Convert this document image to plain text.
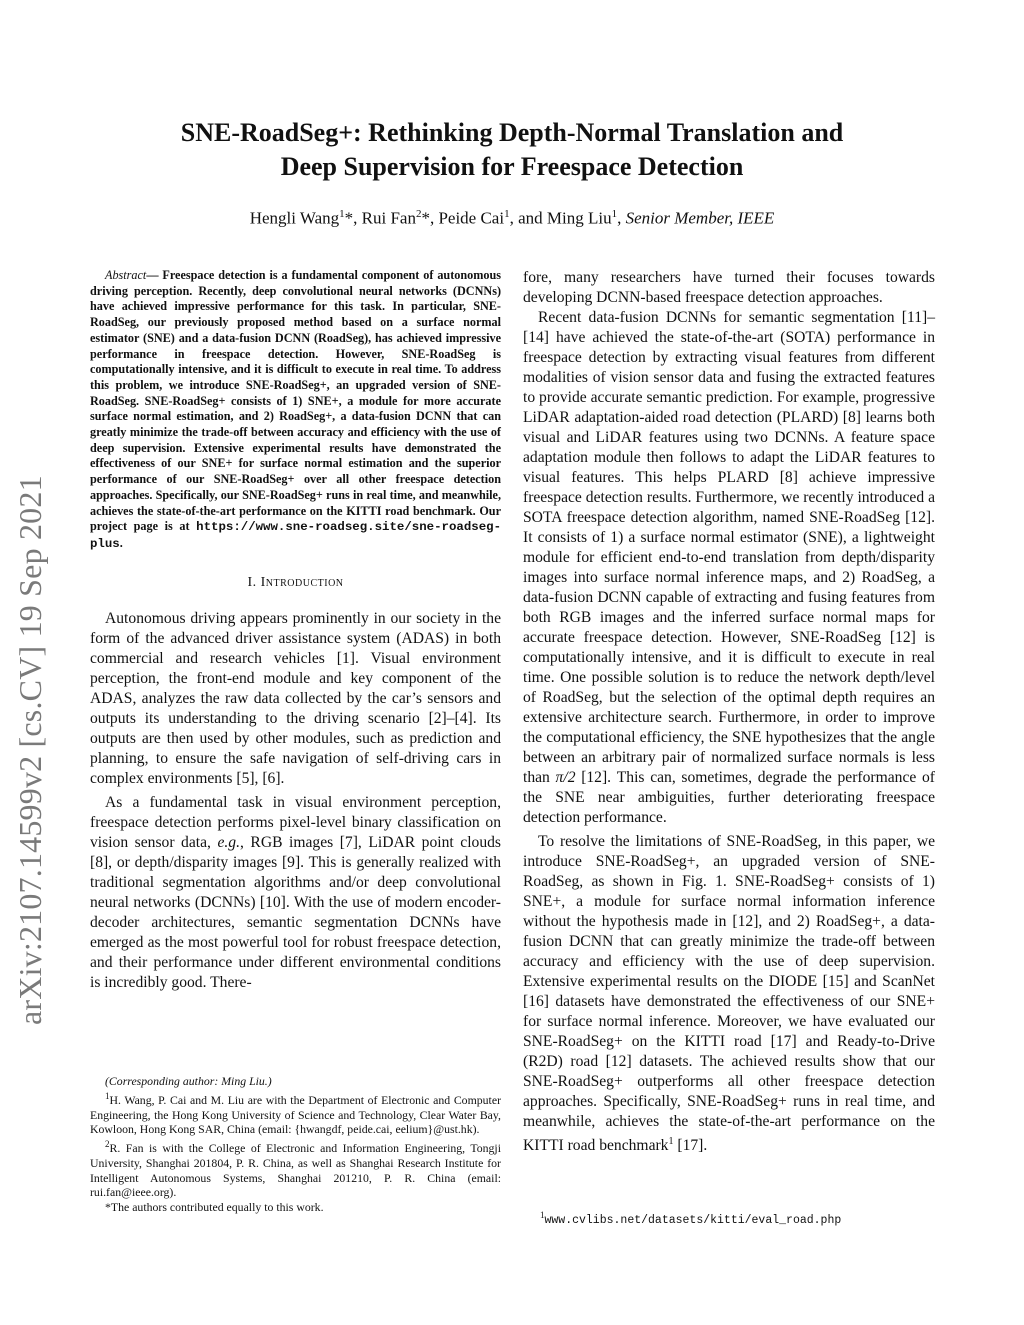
arXiv:2107.14599v2 [cs.CV] 19 Sep 2021
SNE-RoadSeg+: Rethinking Depth-Normal Translation and
Deep Supervision for Freespace Detection
Hengli Wang$^1$*, Rui Fan$^2$*, Peide Cai$^1$, and Ming Liu$^1$, Senior Member, IEEE

Abstract— Freespace detection is a fundamental component of autonomous driving perception. Recently, deep convolutional neural networks (DCNNs) have achieved impressive performance for this task. In particular, SNE-RoadSeg, our previously proposed method based on a surface normal estimator (SNE) and a data-fusion DCNN (RoadSeg), has achieved impressive performance in freespace detection. However, SNE-RoadSeg is computationally intensive, and it is difficult to execute in real time. To address this problem, we introduce SNE-RoadSeg+, an upgraded version of SNE-RoadSeg. SNE-RoadSeg+ consists of 1) SNE+, a module for more accurate surface normal estimation, and 2) RoadSeg+, a data-fusion DCNN that can greatly minimize the trade-off between accuracy and efficiency with the use of deep supervision. Extensive experimental results have demonstrated the effectiveness of our SNE+ for surface normal estimation and the superior performance of our SNE-RoadSeg+ over all other freespace detection approaches. Specifically, our SNE-RoadSeg+ runs in real time, and meanwhile, achieves the state-of-the-art performance on the KITTI road benchmark. Our project page is at https://www.sne-roadseg.site/sne-roadseg-plus.

I. Introduction

Autonomous driving appears prominently in our society in the form of the advanced driver assistance system (ADAS) in both commercial and research vehicles [1]. Visual environment perception, the front-end module and key component of the ADAS, analyzes the raw data collected by the car’s sensors and outputs its understanding to the driving scenario [2]–[4]. Its outputs are then used by other modules, such as prediction and planning, to ensure the safe navigation of self-driving cars in complex environments [5], [6].

As a fundamental task in visual environment perception, freespace detection performs pixel-level binary classification on vision sensor data, e.g., RGB images [7], LiDAR point clouds [8], or depth/disparity images [9]. This is generally realized with traditional segmentation algorithms and/or deep convolutional neural networks (DCNNs) [10]. With the use of modern encoder-decoder architectures, semantic segmentation DCNNs have emerged as the most powerful tool for robust freespace detection, and their performance under different environmental conditions is incredibly good. There-

(Corresponding author: Ming Liu.)

$^1$H. Wang, P. Cai and M. Liu are with the Department of Electronic and Computer Engineering, the Hong Kong University of Science and Technology, Clear Water Bay, Kowloon, Hong Kong SAR, China (email: {hwangdf, peide.cai, eelium}@ust.hk).

$^2$R. Fan is with the College of Electronic and Information Engineering, Tongji University, Shanghai 201804, P. R. China, as well as Shanghai Research Institute for Intelligent Autonomous Systems, Shanghai 201210, P. R. China (email: rui.fan@ieee.org).

*The authors contributed equally to this work.

fore, many researchers have turned their focuses towards developing DCNN-based freespace detection approaches.

Recent data-fusion DCNNs for semantic segmentation [11]–[14] have achieved the state-of-the-art (SOTA) performance in freespace detection by extracting visual features from different modalities of vision sensor data and fusing the extracted features to provide accurate semantic prediction. For example, progressive LiDAR adaptation-aided road detection (PLARD) [8] learns both visual and LiDAR features using two DCNNs. A feature space adaptation module then follows to adapt the LiDAR features to visual features. This helps PLARD [8] achieve impressive freespace detection results. Furthermore, we recently introduced a SOTA freespace detection algorithm, named SNE-RoadSeg [12]. It consists of 1) a surface normal estimator (SNE), a lightweight module for efficient end-to-end translation from depth/disparity images into surface normal inference maps, and 2) RoadSeg, a data-fusion DCNN capable of extracting and fusing features from both RGB images and the inferred surface normal maps for accurate freespace detection. However, SNE-RoadSeg [12] is computationally intensive, and it is difficult to execute in real time. One possible solution is to reduce the network depth/level of RoadSeg, but the selection of the optimal depth requires an extensive architecture search. Furthermore, in order to improve the computational efficiency, the SNE hypothesizes that the angle between an arbitrary pair of normalized surface normals is less than π/2 [12]. This can, sometimes, degrade the performance of the SNE near ambiguities, further deteriorating freespace detection performance.

To resolve the limitations of SNE-RoadSeg, in this paper, we introduce SNE-RoadSeg+, an upgraded version of SNE-RoadSeg, as shown in Fig. 1. SNE-RoadSeg+ consists of 1) SNE+, a module for surface normal information inference without the hypothesis made in [12], and 2) RoadSeg+, a data-fusion DCNN that can greatly minimize the trade-off between accuracy and efficiency with the use of deep supervision. Extensive experimental results on the DIODE [15] and ScanNet [16] datasets have demonstrated the effectiveness of our SNE+ for surface normal inference. Moreover, we have evaluated our SNE-RoadSeg+ on the KITTI road [17] and Ready-to-Drive (R2D) road [12] datasets. The achieved results show that our SNE-RoadSeg+ outperforms all other freespace detection approaches. Specifically, SNE-RoadSeg+ runs in real time, and meanwhile, achieves the state-of-the-art performance on the KITTI road benchmark$^1$ [17].

$^1$www.cvlibs.net/datasets/kitti/eval_road.php
